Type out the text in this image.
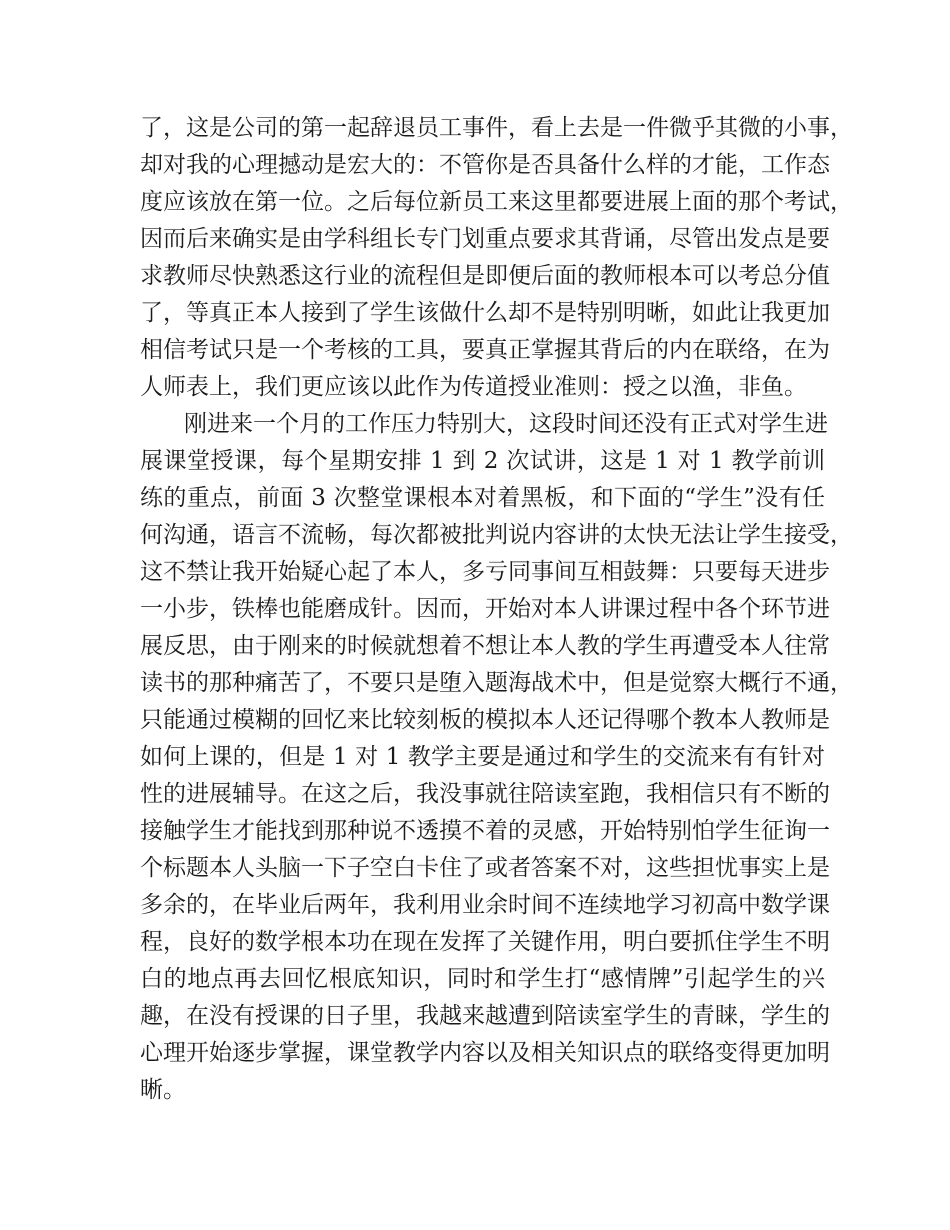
了，这是公司的第一起辞退员工事件，看上去是一件微乎其微的小事，
却对我的心理撼动是宏大的：不管你是否具备什么样的才能，工作态
度应该放在第一位。之后每位新员工来这里都要进展上面的那个考试，
因而后来确实是由学科组长专门划重点要求其背诵，尽管出发点是要
求教师尽快熟悉这行业的流程但是即便后面的教师根本可以考总分值
了，等真正本人接到了学生该做什么却不是特别明晰，如此让我更加
相信考试只是一个考核的工具，要真正掌握其背后的内在联络，在为
人师表上，我们更应该以此作为传道授业准则：授之以渔，非鱼。
刚进来一个月的工作压力特别大，这段时间还没有正式对学生进
展课堂授课，每个星期安排 1 到 2 次试讲，这是 1 对 1 教学前训
练的重点，前面 3 次整堂课根本对着黑板，和下面的“学生”没有任
何沟通，语言不流畅，每次都被批判说内容讲的太快无法让学生接受，
这不禁让我开始疑心起了本人，多亏同事间互相鼓舞：只要每天进步
一小步，铁棒也能磨成针。因而，开始对本人讲课过程中各个环节进
展反思，由于刚来的时候就想着不想让本人教的学生再遭受本人往常
读书的那种痛苦了，不要只是堕入题海战术中，但是觉察大概行不通，
只能通过模糊的回忆来比较刻板的模拟本人还记得哪个教本人教师是
如何上课的，但是 1 对 1 教学主要是通过和学生的交流来有有针对
性的进展辅导。在这之后，我没事就往陪读室跑，我相信只有不断的
接触学生才能找到那种说不透摸不着的灵感，开始特别怕学生征询一
个标题本人头脑一下子空白卡住了或者答案不对，这些担忧事实上是
多余的，在毕业后两年，我利用业余时间不连续地学习初高中数学课
程，良好的数学根本功在现在发挥了关键作用，明白要抓住学生不明
白的地点再去回忆根底知识，同时和学生打“感情牌”引起学生的兴
趣，在没有授课的日子里，我越来越遭到陪读室学生的青睐，学生的
心理开始逐步掌握，课堂教学内容以及相关知识点的联络变得更加明
晰。
